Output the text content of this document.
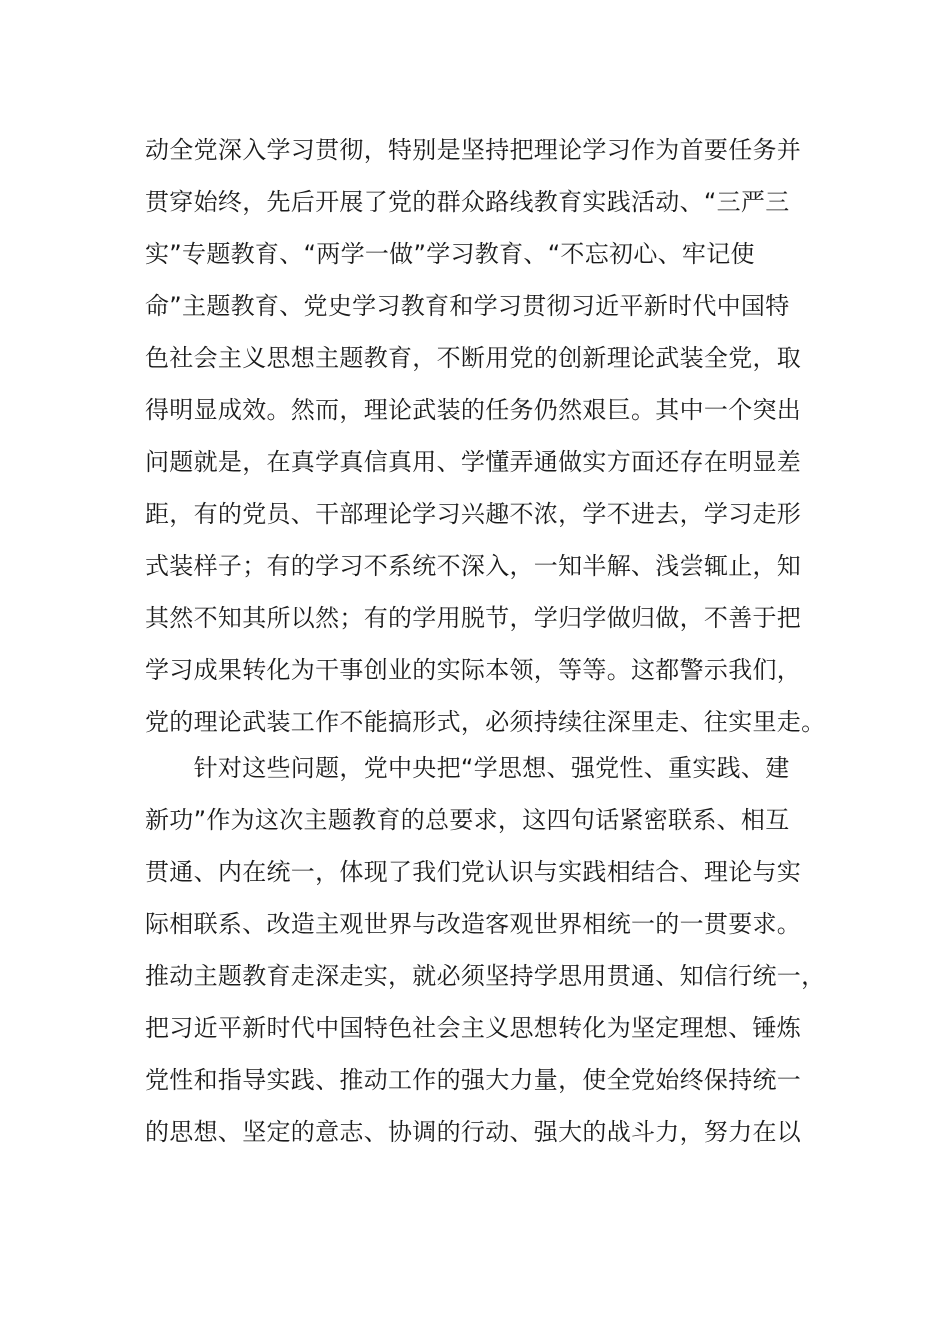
动全党深入学习贯彻，特别是坚持把理论学习作为首要任务并
贯穿始终，先后开展了党的群众路线教育实践活动、“三严三
实”专题教育、“两学一做”学习教育、“不忘初心、牢记使
命”主题教育、党史学习教育和学习贯彻习近平新时代中国特
色社会主义思想主题教育，不断用党的创新理论武装全党，取
得明显成效。然而，理论武装的任务仍然艰巨。其中一个突出
问题就是，在真学真信真用、学懂弄通做实方面还存在明显差
距，有的党员、干部理论学习兴趣不浓，学不进去，学习走形
式装样子；有的学习不系统不深入，一知半解、浅尝辄止，知
其然不知其所以然；有的学用脱节，学归学做归做，不善于把
学习成果转化为干事创业的实际本领，等等。这都警示我们，
党的理论武装工作不能搞形式，必须持续往深里走、往实里走。
　　针对这些问题，党中央把“学思想、强党性、重实践、建
新功”作为这次主题教育的总要求，这四句话紧密联系、相互
贯通、内在统一，体现了我们党认识与实践相结合、理论与实
际相联系、改造主观世界与改造客观世界相统一的一贯要求。
推动主题教育走深走实，就必须坚持学思用贯通、知信行统一，
把习近平新时代中国特色社会主义思想转化为坚定理想、锤炼
党性和指导实践、推动工作的强大力量，使全党始终保持统一
的思想、坚定的意志、协调的行动、强大的战斗力，努力在以
